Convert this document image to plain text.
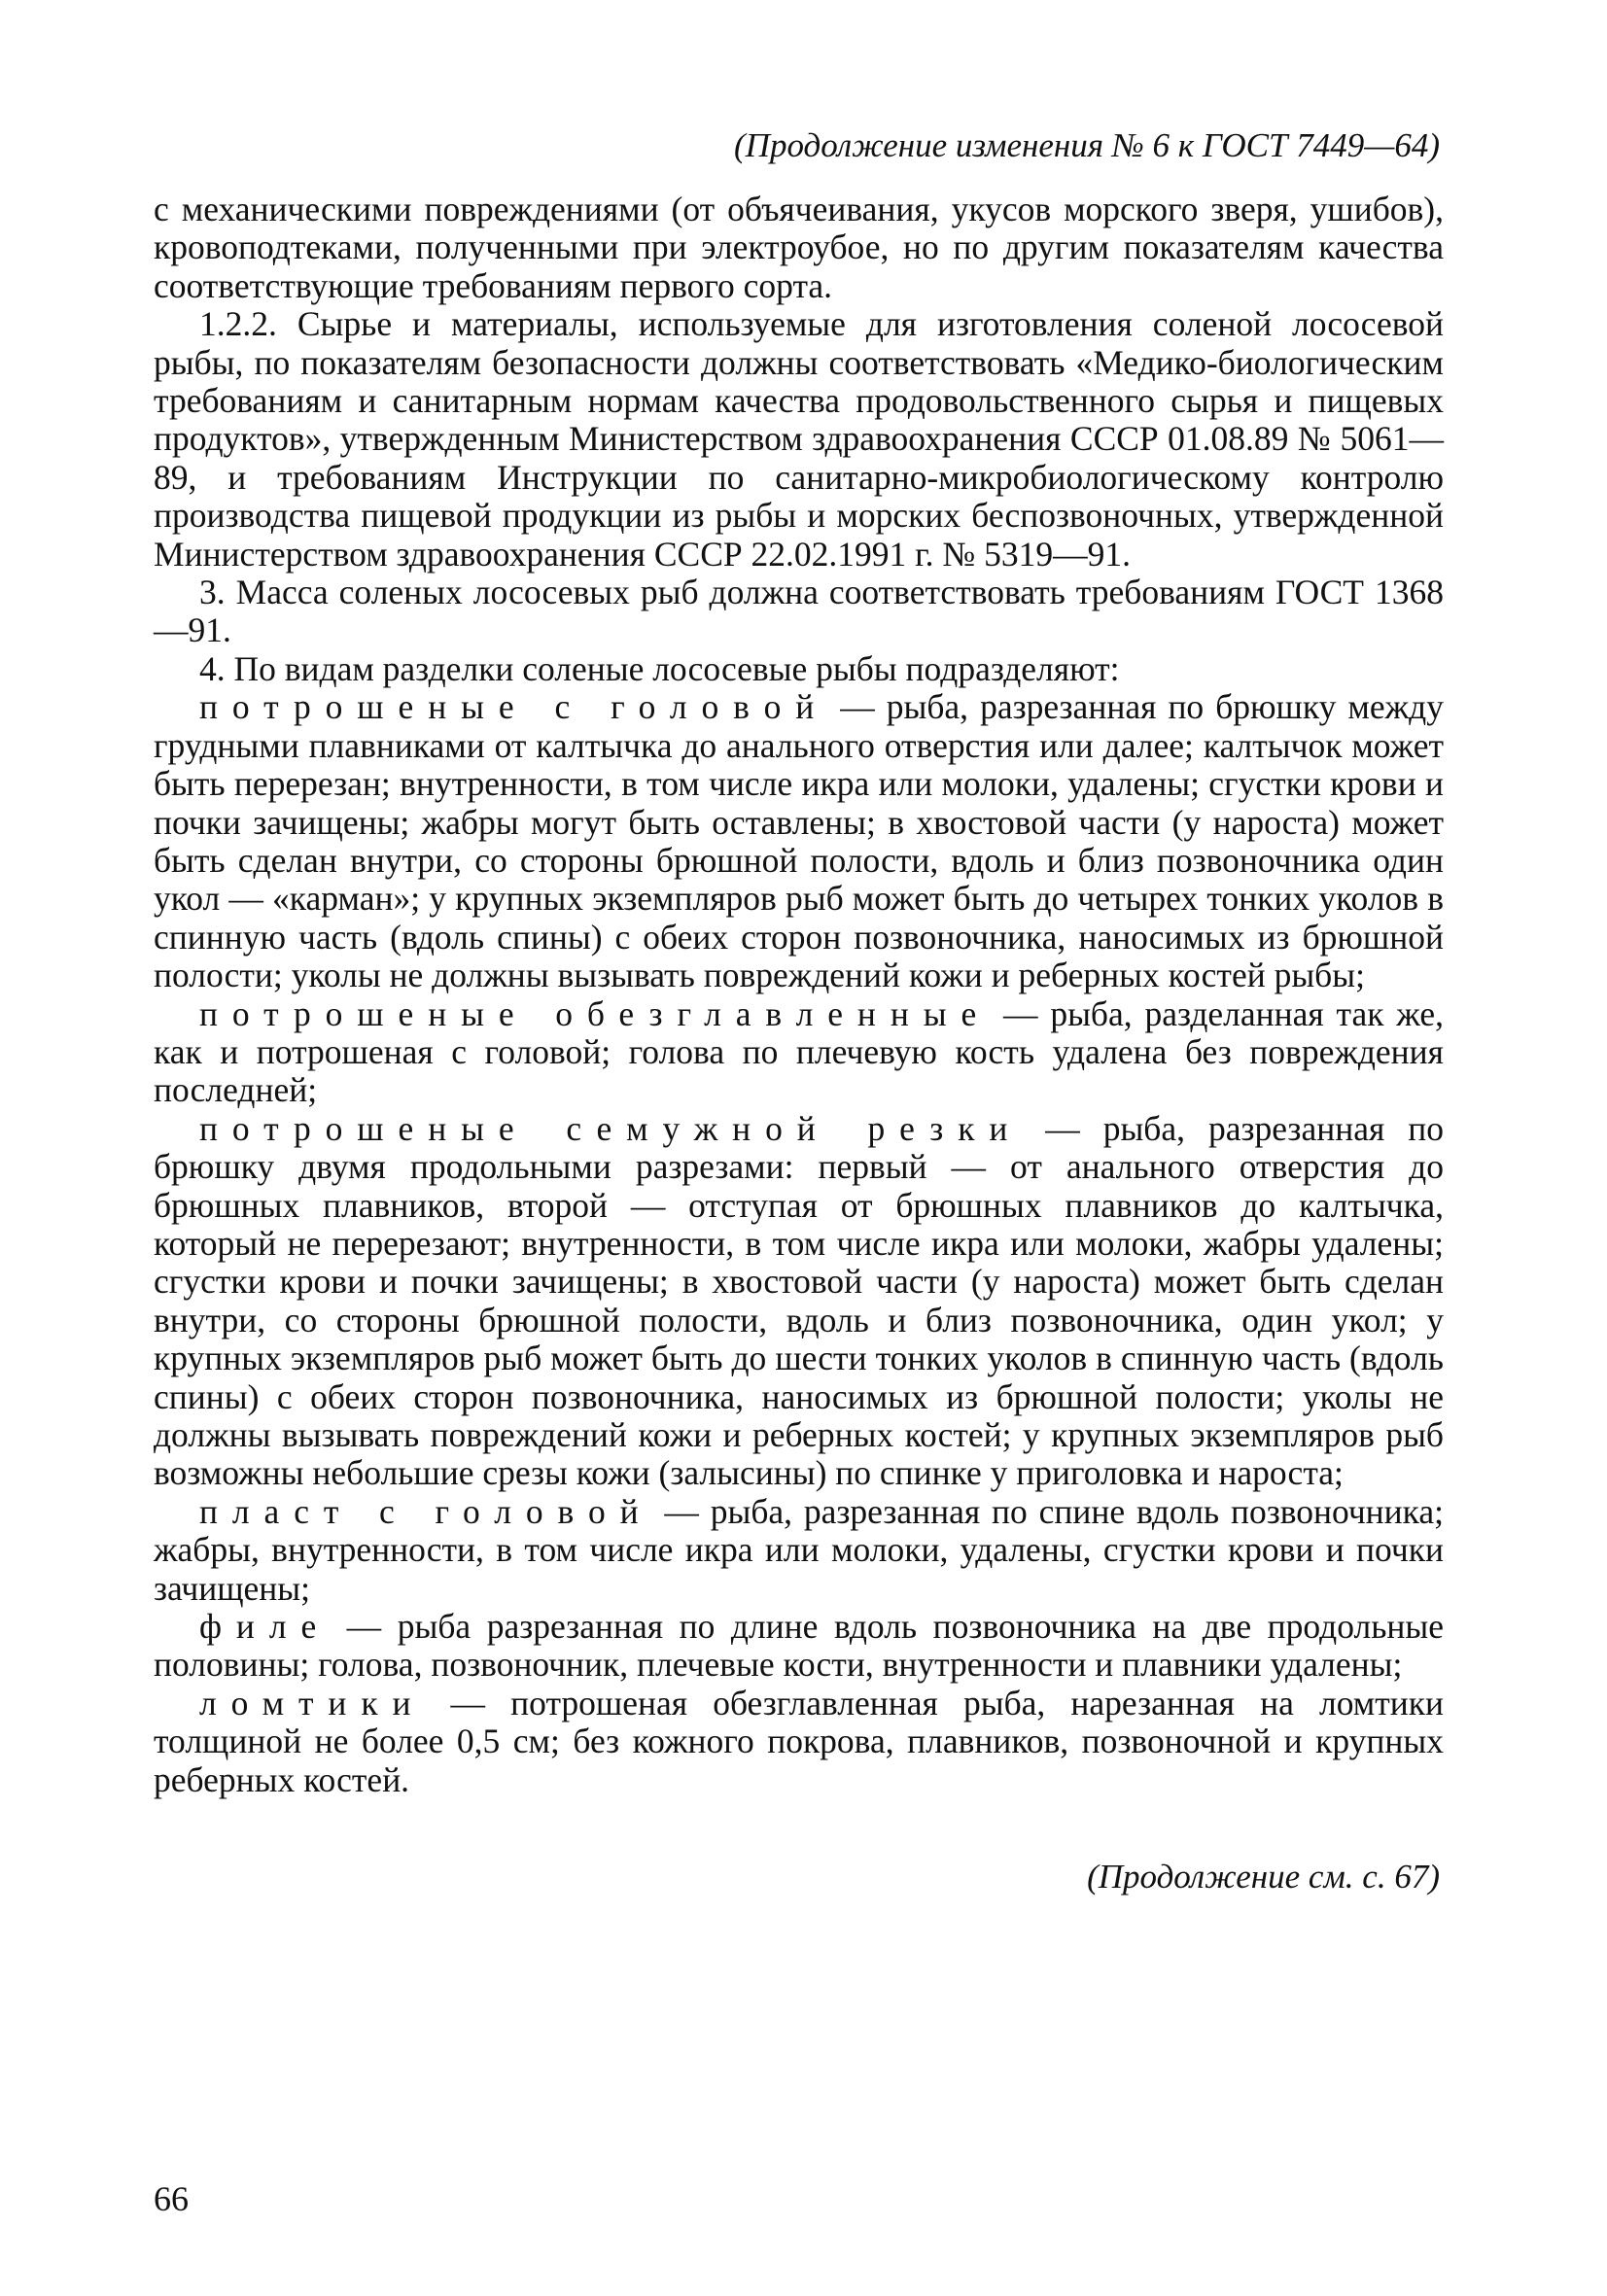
(Продолжение изменения № 6 к ГОСТ 7449—64)

с механическими повреждениями (от объячеивания, укусов морского зверя, ушибов), кровоподтеками, полученными при электроубое, но по другим показателям качества соответствующие требованиям первого сорта.

1.2.2. Сырье и материалы, используемые для изготовления соленой лососевой рыбы, по показателям безопасности должны соответствовать «Медико-биологическим требованиям и санитарным нормам качества продовольственного сырья и пищевых продуктов», утвержденным Министерством здравоохранения СССР 01.08.89 № 5061—89, и требованиям Инструкции по санитарно-микробиологическому контролю производства пищевой продукции из рыбы и морских беспозвоночных, утвержденной Министерством здравоохранения СССР 22.02.1991 г. № 5319—91.

3. Масса соленых лососевых рыб должна соответствовать требованиям ГОСТ 1368—91.

4. По видам разделки соленые лососевые рыбы подразделяют:

потрошеные с головой — рыба, разрезанная по брюшку между грудными плавниками от калтычка до анального отверстия или далее; калтычок может быть перерезан; внутренности, в том числе икра или молоки, удалены; сгустки крови и почки зачищены; жабры могут быть оставлены; в хвостовой части (у нароста) может быть сделан внутри, со стороны брюшной полости, вдоль и близ позвоночника один укол — «карман»; у крупных экземпляров рыб может быть до четырех тонких уколов в спинную часть (вдоль спины) с обеих сторон позвоночника, наносимых из брюшной полости; уколы не должны вызывать повреждений кожи и реберных костей рыбы;

потрошеные обезглавленные — рыба, разделанная так же, как и потрошеная с головой; голова по плечевую кость удалена без повреждения последней;

потрошеные семужной резки — рыба, разрезанная по брюшку двумя продольными разрезами: первый — от анального отверстия до брюшных плавников, второй — отступая от брюшных плавников до калтычка, который не перерезают; внутренности, в том числе икра или молоки, жабры удалены; сгустки крови и почки зачищены; в хвостовой части (у нароста) может быть сделан внутри, со стороны брюшной полости, вдоль и близ позвоночника, один укол; у крупных экземпляров рыб может быть до шести тонких уколов в спинную часть (вдоль спины) с обеих сторон позвоночника, наносимых из брюшной полости; уколы не должны вызывать повреждений кожи и реберных костей; у крупных экземпляров рыб возможны небольшие срезы кожи (залысины) по спинке у приголовка и нароста;

пласт с головой — рыба, разрезанная по спине вдоль позвоночника; жабры, внутренности, в том числе икра или молоки, удалены, сгустки крови и почки зачищены;

филе — рыба разрезанная по длине вдоль позвоночника на две продольные половины; голова, позвоночник, плечевые кости, внутренности и плавники удалены;

ломтики — потрошеная обезглавленная рыба, нарезанная на ломтики толщиной не более 0,5 см; без кожного покрова, плавников, позвоночной и крупных реберных костей.

(Продолжение см. с. 67)
66
